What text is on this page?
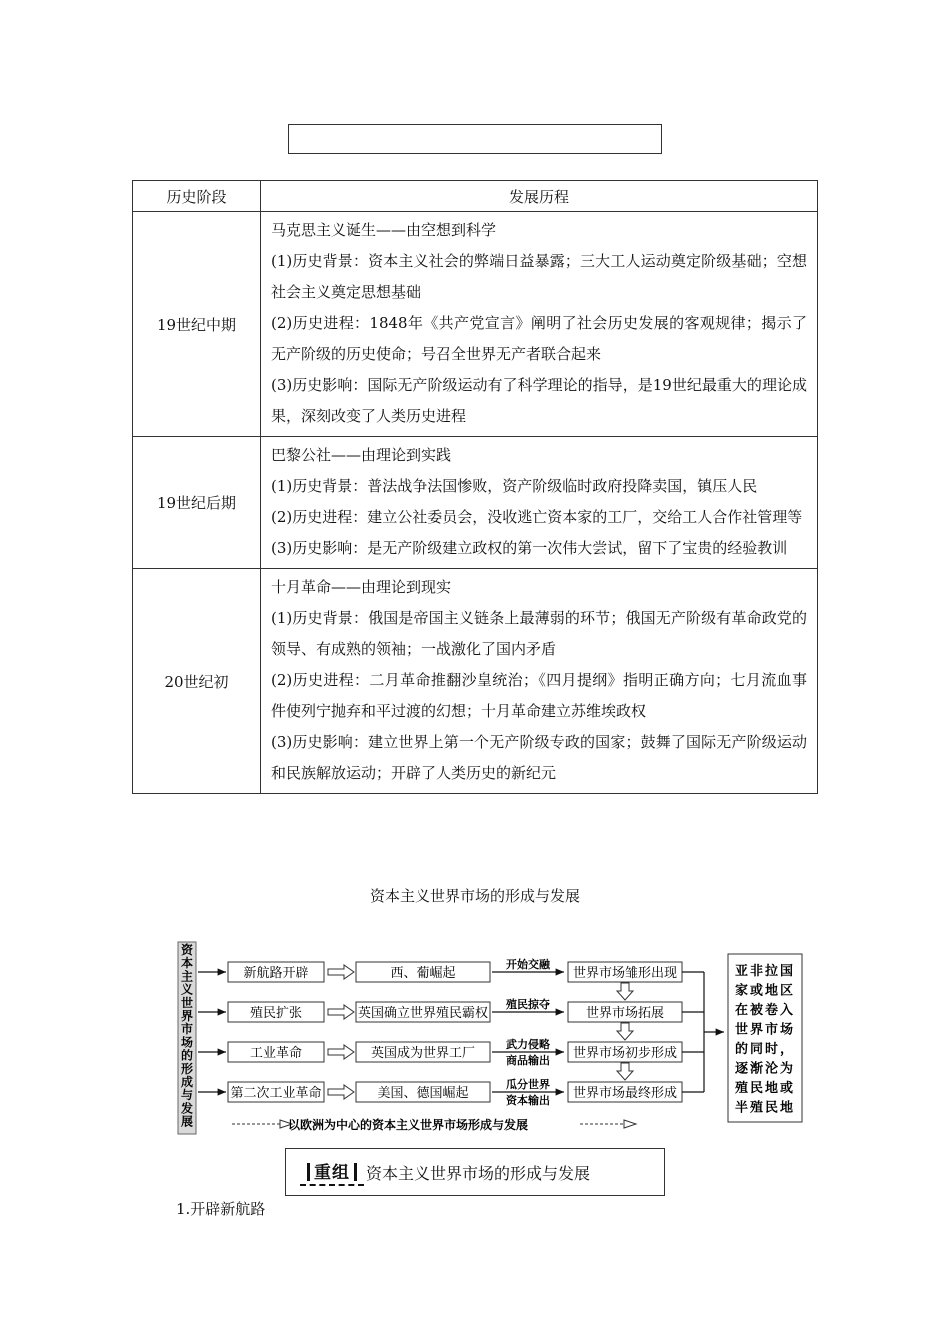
历史阶段	发展历程
19世纪中期	马克思主义诞生——由空想到科学
(1)历史背景：资本主义社会的弊端日益暴露；三大工人运动奠定阶级基础；空想社会主义奠定思想基础
(2)历史进程：1848年《共产党宣言》阐明了社会历史发展的客观规律；揭示了无产阶级的历史使命；号召全世界无产者联合起来
(3)历史影响：国际无产阶级运动有了科学理论的指导，是19世纪最重大的理论成果，深刻改变了人类历史进程

19世纪后期	巴黎公社——由理论到实践
(1)历史背景：普法战争法国惨败，资产阶级临时政府投降卖国，镇压人民
(2)历史进程：建立公社委员会，没收逃亡资本家的工厂，交给工人合作社管理等
(3)历史影响：是无产阶级建立政权的第一次伟大尝试，留下了宝贵的经验教训

20世纪初	十月革命——由理论到现实
(1)历史背景：俄国是帝国主义链条上最薄弱的环节；俄国无产阶级有革命政党的领导、有成熟的领袖；一战激化了国内矛盾
(2)历史进程：二月革命推翻沙皇统治；《四月提纲》指明正确方向；七月流血事件使列宁抛弃和平过渡的幻想；十月革命建立苏维埃政权
(3)历史影响：建立世界上第一个无产阶级专政的国家；鼓舞了国际无产阶级运动和民族解放运动；开辟了人类历史的新纪元
资本主义世界市场的形成与发展
资
本
主
义
世
界
市
场
的
形
成
与
发
展
新航路开辟	西、葡崛起
开始交融
世界市场雏形出现
殖民扩张	英国确立世界殖民霸权
殖民掠夺
世界市场拓展
工业革命	英国成为世界工厂
武力侵略
商品输出 世界市场初步形成
第二次工业革命	美国、德国崛起
瓜分世界
资本输出 世界市场最终形成
亚非拉国
家或地区
在被卷入
世界市场
的同时，
逐渐沦为
殖民地或
半殖民地
以欧洲为中心的资本主义世界市场形成与发展
重组	资本主义世界市场的形成与发展
1.开辟新航路
